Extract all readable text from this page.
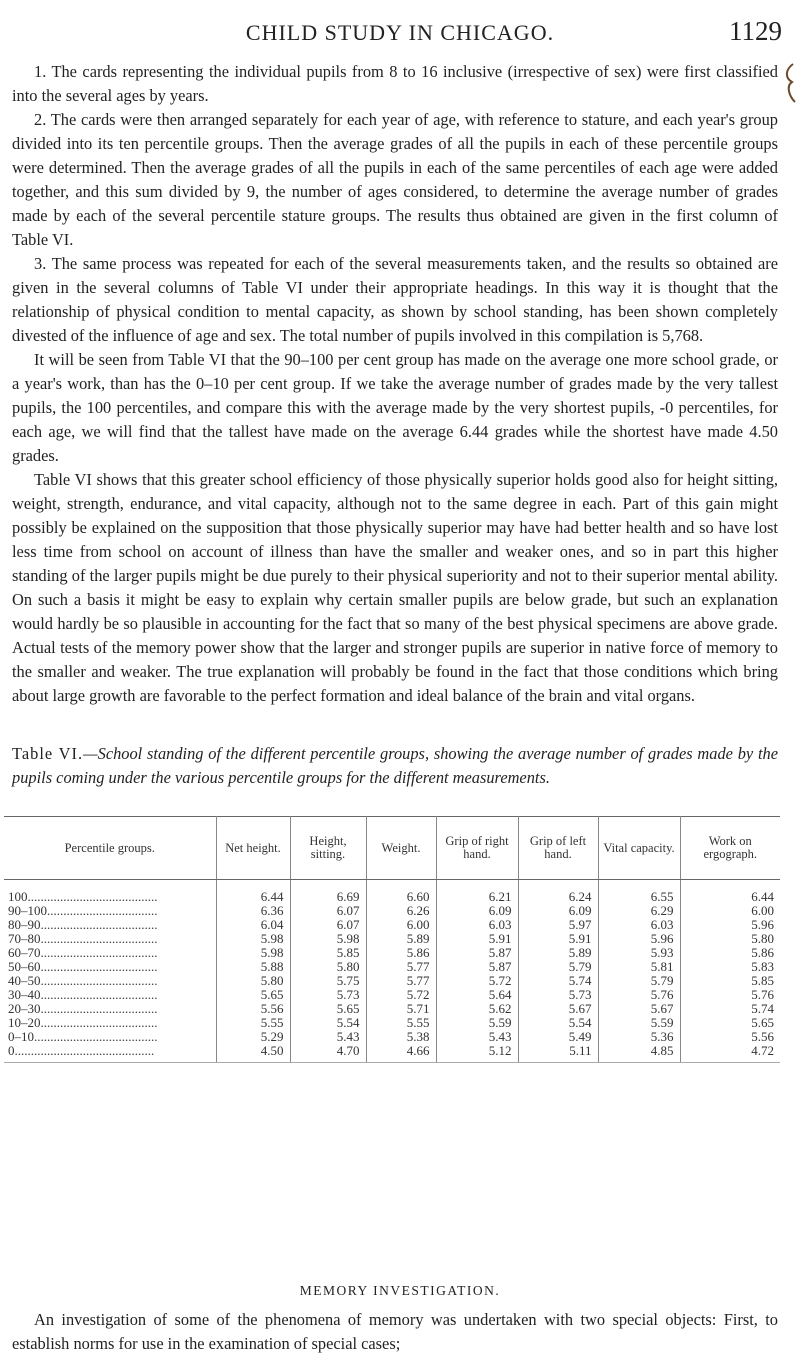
CHILD STUDY IN CHICAGO.	1129

1. The cards representing the individual pupils from 8 to 16 inclusive (irrespective of sex) were first classified into the several ages by years.

2. The cards were then arranged separately for each year of age, with reference to stature, and each year's group divided into its ten percentile groups. Then the average grades of all the pupils in each of these percentile groups were determined. Then the average grades of all the pupils in each of the same percentiles of each age were added together, and this sum divided by 9, the number of ages considered, to determine the average number of grades made by each of the several percentile stature groups. The results thus obtained are given in the first column of Table VI.

3. The same process was repeated for each of the several measurements taken, and the results so obtained are given in the several columns of Table VI under their appropriate headings. In this way it is thought that the relationship of physical condition to mental capacity, as shown by school standing, has been shown completely divested of the influence of age and sex. The total number of pupils involved in this compilation is 5,768.

It will be seen from Table VI that the 90–100 per cent group has made on the average one more school grade, or a year's work, than has the 0–10 per cent group. If we take the average number of grades made by the very tallest pupils, the 100 percentiles, and compare this with the average made by the very shortest pupils, -0 percentiles, for each age, we will find that the tallest have made on the average 6.44 grades while the shortest have made 4.50 grades.

Table VI shows that this greater school efficiency of those physically superior holds good also for height sitting, weight, strength, endurance, and vital capacity, although not to the same degree in each. Part of this gain might possibly be explained on the supposition that those physically superior may have had better health and so have lost less time from school on account of illness than have the smaller and weaker ones, and so in part this higher standing of the larger pupils might be due purely to their physical superiority and not to their superior mental ability. On such a basis it might be easy to explain why certain smaller pupils are below grade, but such an explanation would hardly be so plausible in accounting for the fact that so many of the best physical specimens are above grade. Actual tests of the memory power show that the larger and stronger pupils are superior in native force of memory to the smaller and weaker. The true explanation will probably be found in the fact that those conditions which bring about large growth are favorable to the perfect formation and ideal balance of the brain and vital organs.

Table VI.—School standing of the different percentile groups, showing the average number of grades made by the pupils coming under the various percentile groups for the different measurements.
Percentile groups.	Net height.	Height, sitting.	Weight.	Grip of right hand.	Grip of left hand.	Vital capacity.	Work on ergograph.
100........................................	6.44	6.69	6.60	6.21	6.24	6.55	6.44
90–100..................................	6.36	6.07	6.26	6.09	6.09	6.29	6.00
80–90....................................	6.04	6.07	6.00	6.03	5.97	6.03	5.96
70–80....................................	5.98	5.98	5.89	5.91	5.91	5.96	5.80
60–70....................................	5.98	5.85	5.86	5.87	5.89	5.93	5.86
50–60....................................	5.88	5.80	5.77	5.87	5.79	5.81	5.83
40–50....................................	5.80	5.75	5.77	5.72	5.74	5.79	5.85
30–40....................................	5.65	5.73	5.72	5.64	5.73	5.76	5.76
20–30....................................	5.56	5.65	5.71	5.62	5.67	5.67	5.74
10–20....................................	5.55	5.54	5.55	5.59	5.54	5.59	5.65
0–10......................................	5.29	5.43	5.38	5.43	5.49	5.36	5.56
0...........................................	4.50	4.70	4.66	5.12	5.11	4.85	4.72
MEMORY INVESTIGATION.

An investigation of some of the phenomena of memory was undertaken with two special objects: First, to establish norms for use in the examination of special cases;
